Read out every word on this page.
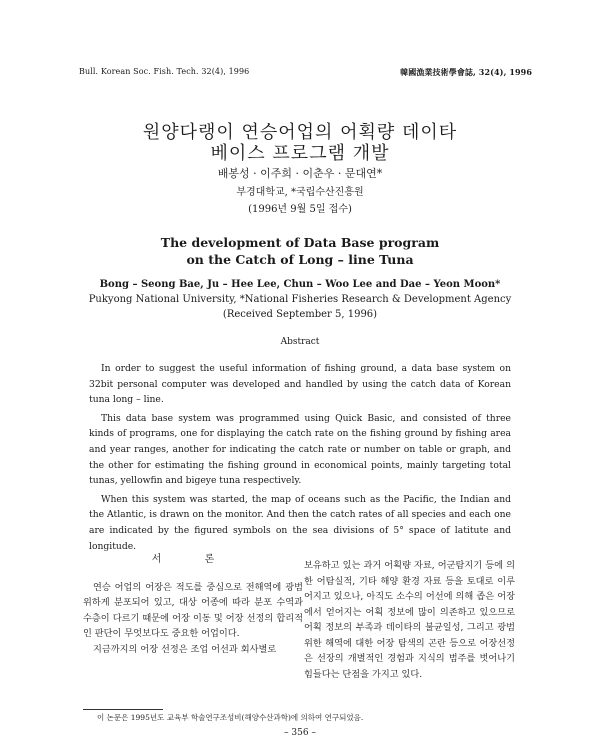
Bull. Korean Soc. Fish. Tech. 32(4), 1996	韓國漁業技術學會誌, 32(4), 1996
원양다랭이 연승어업의 어획량 데이타
베이스 프로그램 개발
배봉성 · 이주희 · 이춘우 · 문대연*
부경대학교, *국립수산진흥원
(1996년 9월 5일 접수)
The development of Data Base program
on the Catch of Long – line Tuna
Bong – Seong Bae, Ju – Hee Lee, Chun – Woo Lee and Dae – Yeon Moon*
Pukyong National University, *National Fisheries Research & Development Agency
(Received September 5, 1996)
Abstract

In order to suggest the useful information of fishing ground, a data base system on 32bit personal computer was developed and handled by using the catch data of Korean tuna long – line.

This data base system was programmed using Quick Basic, and consisted of three kinds of programs, one for displaying the catch rate on the fishing ground by fishing area and year ranges, another for indicating the catch rate or number on table or graph, and the other for estimating the fishing ground in economical points, mainly targeting total tunas, yellowfin and bigeye tuna respectively.

When this system was started, the map of oceans such as the Pacific, the Indian and the Atlantic, is drawn on the monitor. And then the catch rates of all species and each one are indicated by the figured symbols on the sea divisions of 5° space of latitute and longitude.

서 론

연승 어업의 어장은 적도를 중심으로 전해역에 광범위하게 분포되어 있고, 대상 어종에 따라 분포 수역과 수층이 다르기 때문에 어장 이동 및 어장 선정의 합리적인 판단이 무엇보다도 중요한 어업이다.

지금까지의 어장 선정은 조업 어선과 회사별로

보유하고 있는 과거 어획량 자료, 어군탐지기 등에 의한 어탐실적, 기타 해양 환경 자료 등을 토대로 이루어지고 있으나, 아직도 소수의 어선에 의해 좁은 어장에서 얻어지는 어획 정보에 많이 의존하고 있으므로 어획 정보의 부족과 데이타의 불균일성, 그리고 광범위한 해역에 대한 어장 탐색의 곤란 등으로 어장선정은 선장의 개별적인 경험과 지식의 범주를 벗어나기 힘들다는 단점을 가지고 있다.

이 논문은 1995년도 교육부 학술연구조성비(해양수산과학)에 의하여 연구되었음.
– 356 –
